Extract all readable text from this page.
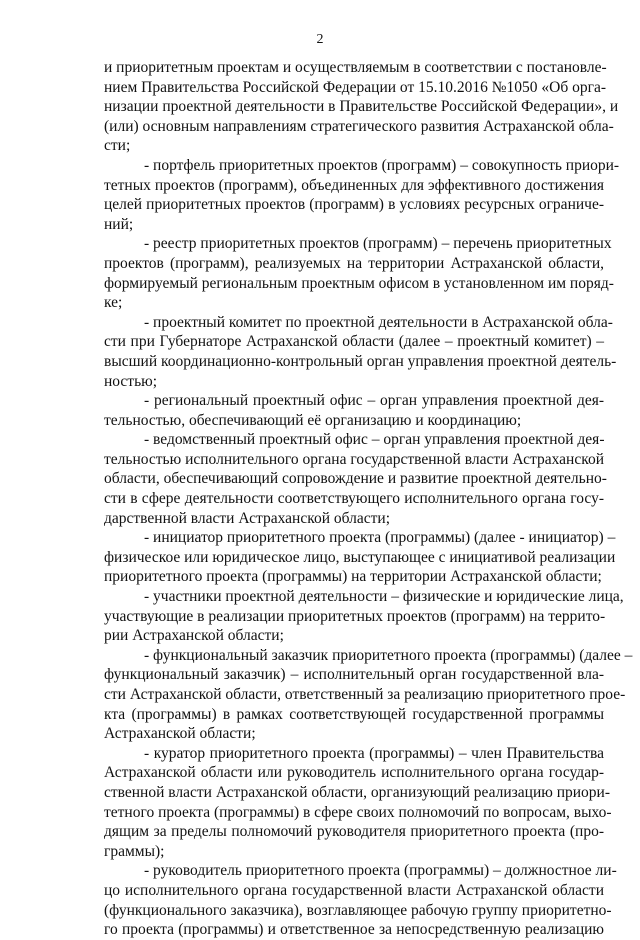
2
и приоритетным проектам и осуществляемым в соответствии с постановле-
нием Правительства Российской Федерации от 15.10.2016 №1050 «Об орга-
низации проектной деятельности в Правительстве Российской Федерации», и
(или) основным направлениям стратегического развития Астраханской обла-
сти;
- портфель приоритетных проектов (программ) – совокупность приори-
тетных проектов (программ), объединенных для эффективного достижения
целей приоритетных проектов (программ) в условиях ресурсных ограниче-
ний;
- реестр приоритетных проектов (программ) – перечень приоритетных
проектов (программ), реализуемых на территории Астраханской области,
формируемый региональным проектным офисом в установленном им поряд-
ке;
- проектный комитет по проектной деятельности в Астраханской обла-
сти при Губернаторе Астраханской области (далее – проектный комитет) –
высший координационно-контрольный орган управления проектной деятель-
ностью;
- региональный проектный офис – орган управления проектной дея-
тельностью, обеспечивающий её организацию и координацию;
- ведомственный проектный офис – орган управления проектной дея-
тельностью исполнительного органа государственной власти Астраханской
области, обеспечивающий сопровождение и развитие проектной деятельно-
сти в сфере деятельности соответствующего исполнительного органа госу-
дарственной власти Астраханской области;
- инициатор приоритетного проекта (программы) (далее - инициатор) –
физическое или юридическое лицо, выступающее с инициативой реализации
приоритетного проекта (программы) на территории Астраханской области;
- участники проектной деятельности – физические и юридические лица,
участвующие в реализации приоритетных проектов (программ) на террито-
рии Астраханской области;
- функциональный заказчик приоритетного проекта (программы) (далее –
функциональный заказчик) – исполнительный орган государственной вла-
сти Астраханской области, ответственный за реализацию приоритетного прое-
кта (программы) в рамках соответствующей государственной программы
Астраханской области;
- куратор приоритетного проекта (программы) – член Правительства
Астраханской области или руководитель исполнительного органа государ-
ственной власти Астраханской области, организующий реализацию приори-
тетного проекта (программы) в сфере своих полномочий по вопросам, выхо-
дящим за пределы полномочий руководителя приоритетного проекта (про-
граммы);
- руководитель приоритетного проекта (программы) – должностное ли-
цо исполнительного органа государственной власти Астраханской области
(функционального заказчика), возглавляющее рабочую группу приоритетно-
го проекта (программы) и ответственное за непосредственную реализацию
